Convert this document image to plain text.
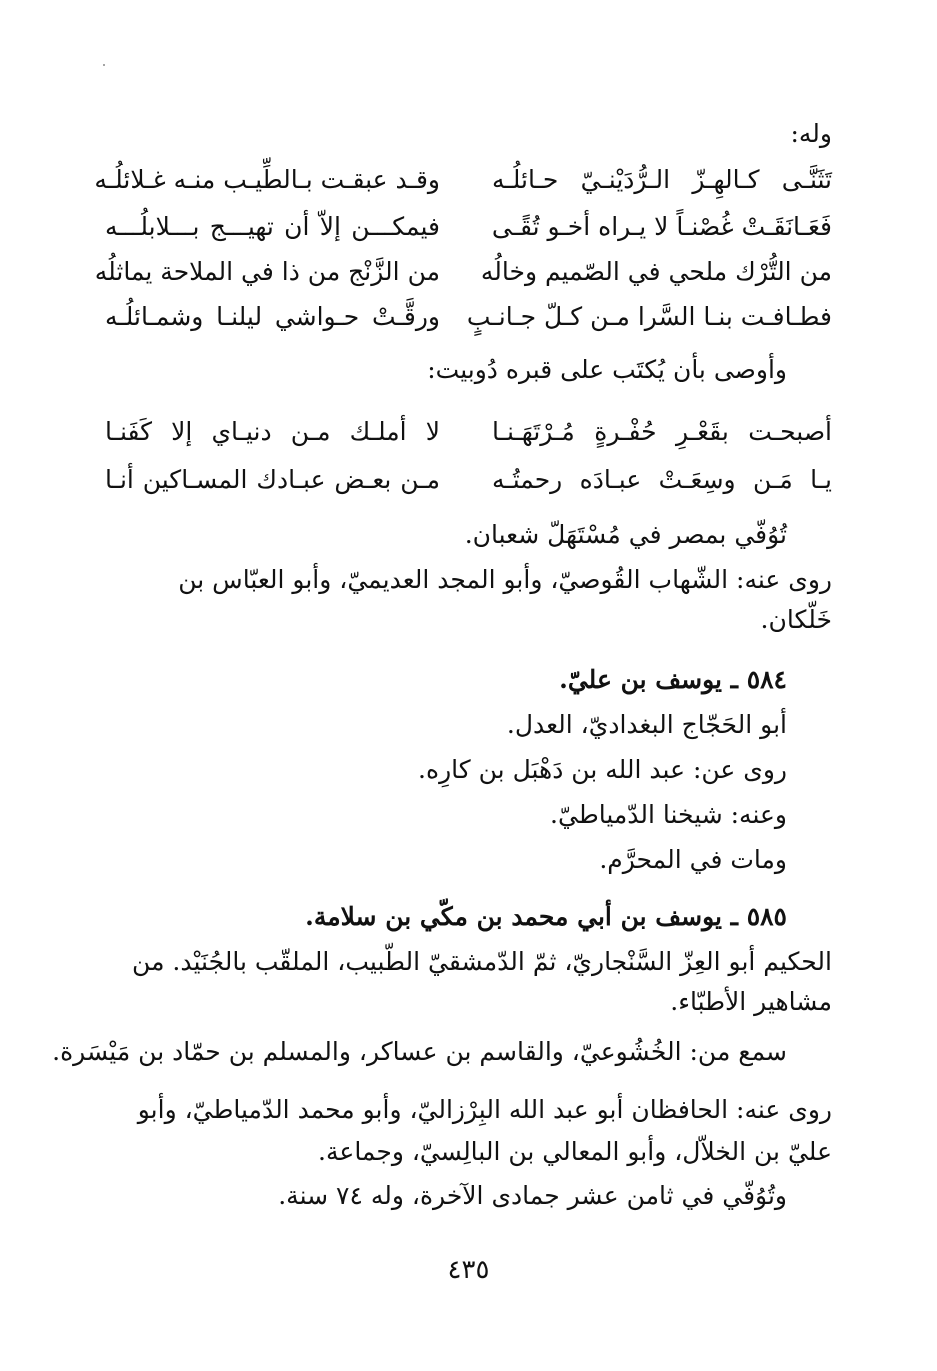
وله:
تَثَنَّـى كـالهِـزّ الـرُّدَيْنـيّ حـائلُـه
وقـد عبقـت بـالطِّيـب منـه غـلائلُـه
فَعَـانَقَـتْ غُصْنـاً لا يـراه أخـو تُقًـى
فيمكـــن إلاّ أن تهيـــج بـــلابلُـــه
من التُّرْك ملحي في الصّميم وخالُه
من الزَّنْج من ذا في الملاحة يماثلُه
فطـافـت بنـا السَّرا مـن كـلّ جـانـبٍ
ورقَّـتْ حـواشي ليلنـا وشمـائلُـه
وأوصى بأن يُكتَب على قبره دُوبيت:
أصبحـت بقَعْـرِ حُفْـرةٍ مُـرْتَهَـنـا
لا أملـك مـن دنيـاي إلا كَفَنـا
يـا مَـن وسِعَـتْ عبـادَه رحمتُـه
مـن بعـض عبـادك المسـاكين أنـا
تُوُفّي بمصر في مُسْتَهَلّ شعبان.
روى عنه: الشّهاب القُوصيّ، وأبو المجد العديميّ، وأبو العبّاس بن
خَلّكان.
٥٨٤ ـ يوسف بن عليّ.
أبو الحَجّاج البغداديّ، العدل.
روى عن: عبد الله بن دَهْبَل بن كارِه.
وعنه: شيخنا الدّمياطيّ.
ومات في المحرَّم.
٥٨٥ ـ يوسف بن أبي محمد بن مكّي بن سلامة.
الحكيم أبو العِزّ السَّنْجاريّ، ثمّ الدّمشقيّ الطّبيب، الملقّب بالجُنَيْد. من
مشاهير الأطبّاء.
سمع من: الخُشُوعيّ، والقاسم بن عساكر، والمسلم بن حمّاد بن مَيْسَرة.
روى عنه: الحافظان أبو عبد الله البِرْزاليّ، وأبو محمد الدّمياطيّ، وأبو
عليّ بن الخلاّل، وأبو المعالي بن البالِسيّ، وجماعة.
وتُوُفّي في ثامن عشر جمادى الآخرة، وله ٧٤ سنة.
٤٣٥
